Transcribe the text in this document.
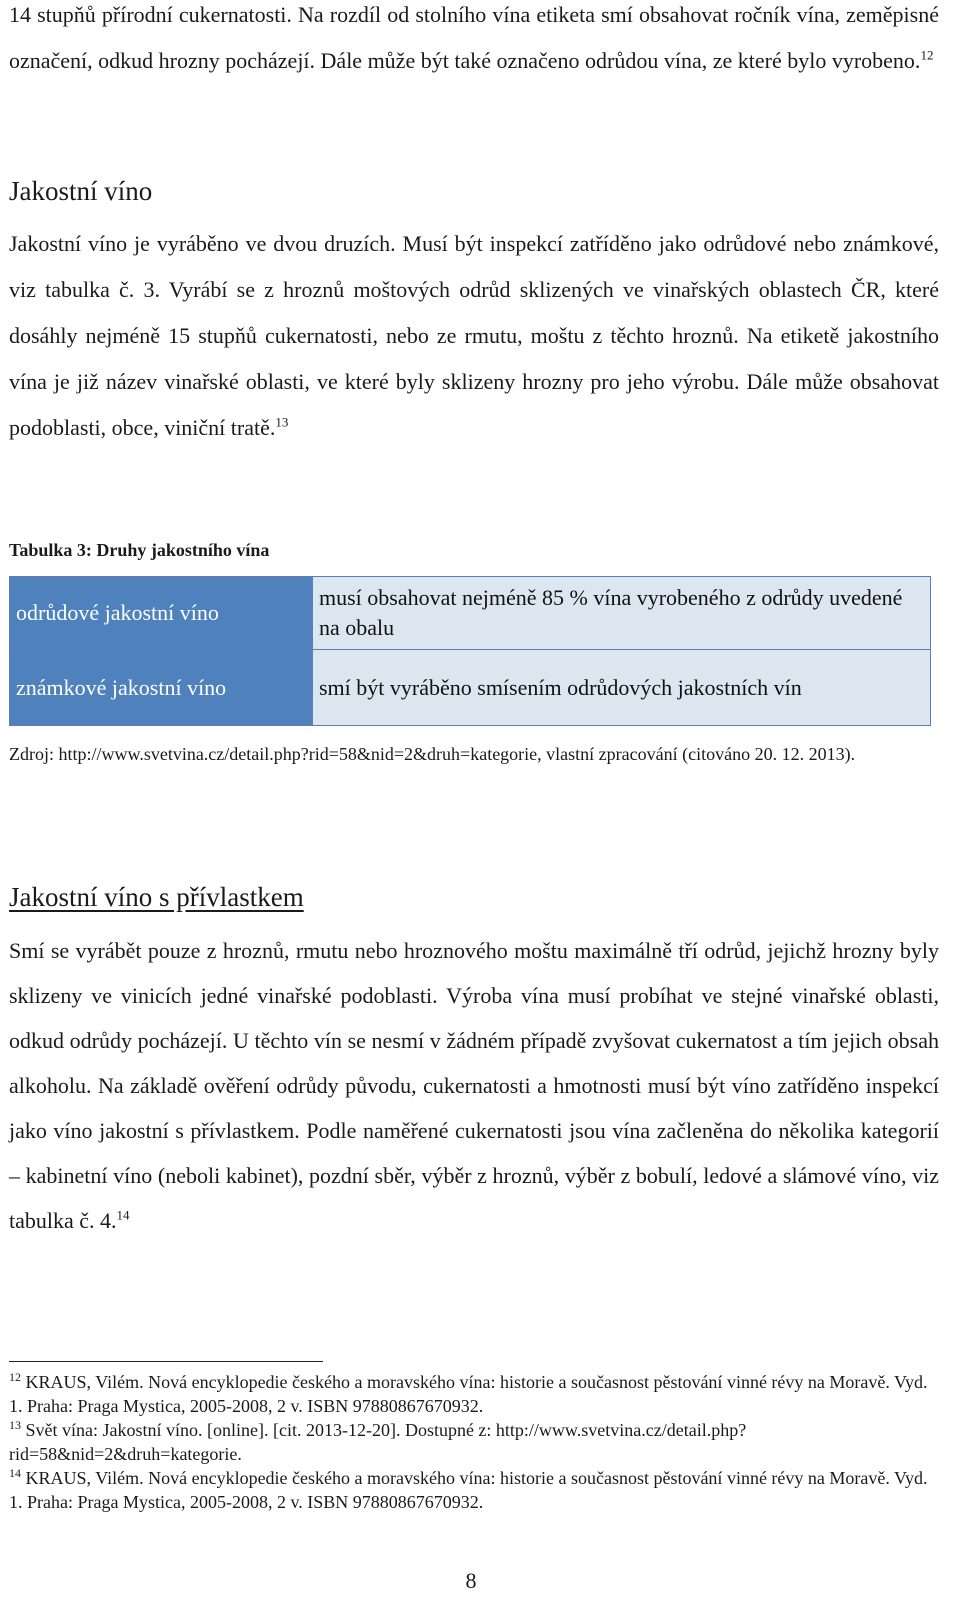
14 stupňů přírodní cukernatosti. Na rozdíl od stolního vína etiketa smí obsahovat ročník vína, zeměpisné označení, odkud hrozny pocházejí. Dále může být také označeno odrůdou vína, ze které bylo vyrobeno.$^{12}$

Jakostní víno

Jakostní víno je vyráběno ve dvou druzích. Musí být inspekcí zatříděno jako odrůdové nebo známkové, viz tabulka č. 3. Vyrábí se z hroznů moštových odrůd sklizených ve vinařských oblastech ČR, které dosáhly nejméně 15 stupňů cukernatosti, nebo ze rmutu, moštu z těchto hroznů. Na etiketě jakostního vína je již název vinařské oblasti, ve které byly sklizeny hrozny pro jeho výrobu. Dále může obsahovat podoblasti, obce, viniční tratě.$^{13}$

Tabulka 3: Druhy jakostního vína

odrůdové jakostní víno	musí obsahovat nejméně 85 % vína vyrobeného z odrůdy uvedené na obalu
známkové jakostní víno	smí být vyráběno smísením odrůdových jakostních vín

Zdroj: http://www.svetvina.cz/detail.php?rid=58&nid=2&druh=kategorie, vlastní zpracování (citováno 20. 12. 2013).

Jakostní víno s přívlastkem

Smí se vyrábět pouze z hroznů, rmutu nebo hroznového moštu maximálně tří odrůd, jejichž hrozny byly sklizeny ve vinicích jedné vinařské podoblasti. Výroba vína musí probíhat ve stejné vinařské oblasti, odkud odrůdy pocházejí. U těchto vín se nesmí v žádném případě zvyšovat cukernatost a tím jejich obsah alkoholu. Na základě ověření odrůdy původu, cukernatosti a hmotnosti musí být víno zatříděno inspekcí jako víno jakostní s přívlastkem. Podle naměřené cukernatosti jsou vína začleněna do několika kategorií – kabinetní víno (neboli kabinet), pozdní sběr, výběr z hroznů, výběr z bobulí, ledové a slámové víno, viz tabulka č. 4.14

$^{12}$ KRAUS, Vilém. Nová encyklopedie českého a moravského vína: historie a současnost pěstování vinné révy na Moravě. Vyd. 1. Praha: Praga Mystica, 2005-2008, 2 v. ISBN 97880867670932.

$^{13}$ Svět vína: Jakostní víno. [online]. [cit. 2013-12-20]. Dostupné z: http://www.svetvina.cz/detail.php?rid=58&nid=2&druh=kategorie.

$^{14}$ KRAUS, Vilém. Nová encyklopedie českého a moravského vína: historie a současnost pěstování vinné révy na Moravě. Vyd. 1. Praha: Praga Mystica, 2005-2008, 2 v. ISBN 97880867670932.

8
